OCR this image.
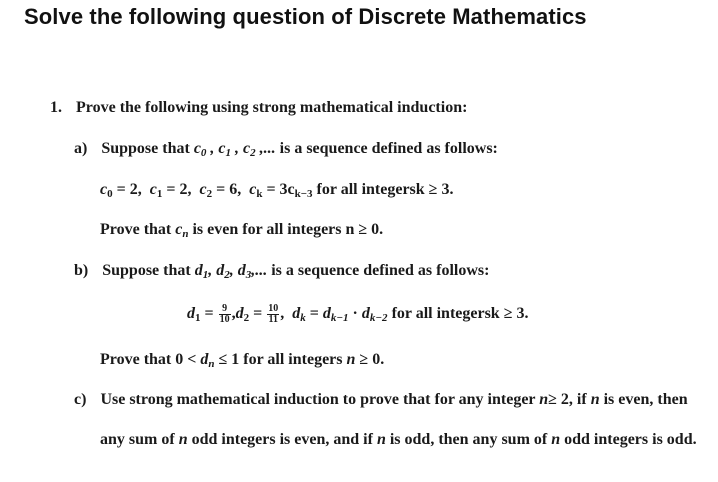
Solve the following question of Discrete Mathematics
1. Prove the following using strong mathematical induction:
a) Suppose that $c_0$ , $c_1$ , $c_2$ ,... is a sequence defined as follows:
$c_0 = 2$, $c_1 = 2$, $c_2 = 6$, $c_k = 3c_{k-3}$ for all integersk ≥ 3.
Prove that $c_n$ is even for all integers n ≥ 0.
b) Suppose that $d_1$, $d_2$, $d_3$,... is a sequence defined as follows:
$d_1 = \frac{9}{10} ,d_2 = \frac{10}{11}$ ,  $d_k = d_{k-1} \cdot d_{k-2}$ for all integersk ≥ 3.
Prove that $0 < d_n \le 1$ for all integers n ≥ 0.
c) Use strong mathematical induction to prove that for any integer n≥ 2, if n is even, then
any sum of n odd integers is even, and if n is odd, then any sum of n odd integers is odd.
